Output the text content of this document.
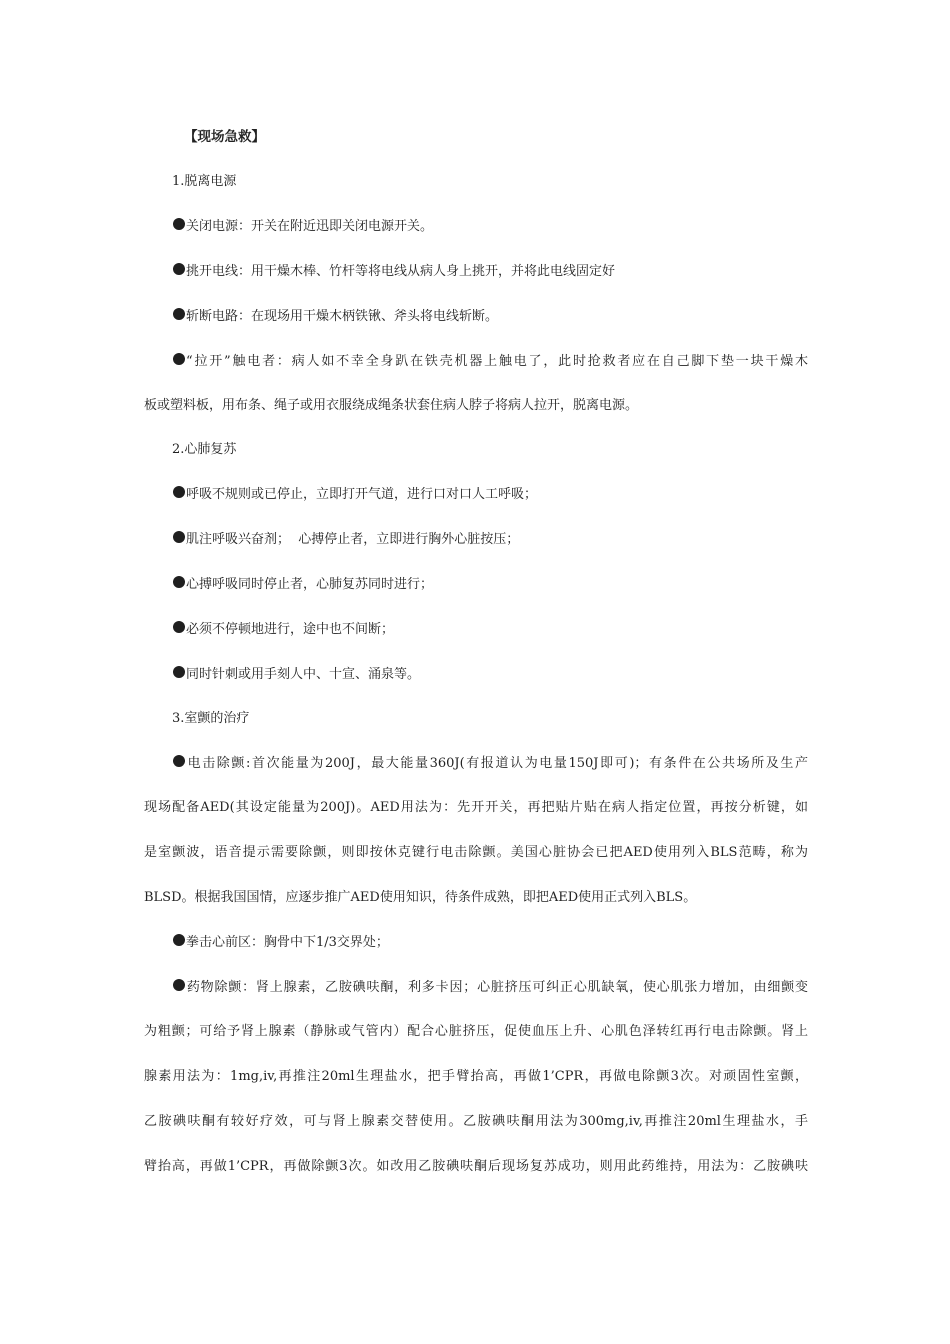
【现场急救】
1.脱离电源
关闭电源：开关在附近迅即关闭电源开关。
挑开电线：用干燥木棒、竹杆等将电线从病人身上挑开，并将此电线固定好
斩断电路：在现场用干燥木柄铁锹、斧头将电线斩断。
“拉开”触电者：病人如不幸全身趴在铁壳机器上触电了，此时抢救者应在自己脚下垫一块干燥木
板或塑料板，用布条、绳子或用衣服绕成绳条状套住病人脖子将病人拉开，脱离电源。
2.心肺复苏
呼吸不规则或已停止，立即打开气道，进行口对口人工呼吸；
肌注呼吸兴奋剂；  心搏停止者，立即进行胸外心脏按压；
心搏呼吸同时停止者，心肺复苏同时进行；
必须不停顿地进行，途中也不间断；
同时针刺或用手刻人中、十宣、涌泉等。
3.室颤的治疗
电击除颤:首次能量为200J，最大能量360J(有报道认为电量150J即可)；有条件在公共场所及生产
现场配备AED(其设定能量为200J)。AED用法为：先开开关，再把贴片贴在病人指定位置，再按分析键，如
是室颤波，语音提示需要除颤，则即按休克键行电击除颤。美国心脏协会已把AED使用列入BLS范畴，称为
BLSD。根据我国国情，应逐步推广AED使用知识，待条件成熟，即把AED使用正式列入BLS。
拳击心前区：胸骨中下1/3交界处；
药物除颤：肾上腺素，乙胺碘呋酮，利多卡因；心脏挤压可纠正心肌缺氧，使心肌张力增加，由细颤变
为粗颤；可给予肾上腺素（静脉或气管内）配合心脏挤压，促使血压上升、心肌色泽转红再行电击除颤。肾上
腺素用法为：1mg,iv,再推注20ml生理盐水，把手臂抬高，再做1’CPR，再做电除颤3次。对顽固性室颤，
乙胺碘呋酮有较好疗效，可与肾上腺素交替使用。乙胺碘呋酮用法为300mg,iv,再推注20ml生理盐水，手
臂抬高，再做1’CPR，再做除颤3次。如改用乙胺碘呋酮后现场复苏成功，则用此药维持，用法为：乙胺碘呋
